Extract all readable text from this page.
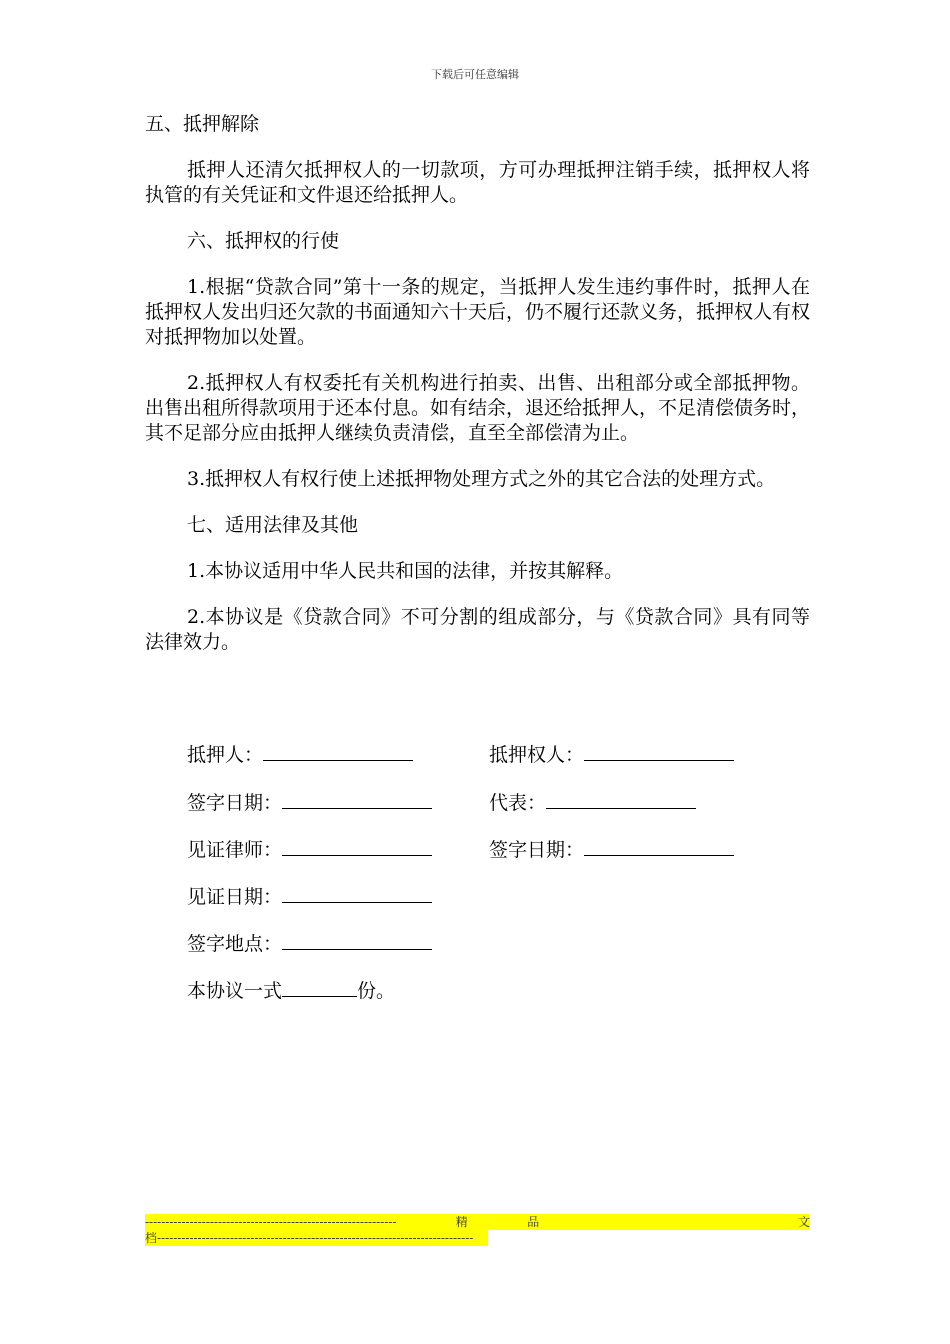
下载后可任意编辑
五、抵押解除
抵押人还清欠抵押权人的一切款项，方可办理抵押注销手续，抵押权人将执管的有关凭证和文件退还给抵押人。
六、抵押权的行使
1.根据“贷款合同”第十一条的规定，当抵押人发生违约事件时，抵押人在抵押权人发出归还欠款的书面通知六十天后，仍不履行还款义务，抵押权人有权对抵押物加以处置。
2.抵押权人有权委托有关机构进行拍卖、出售、出租部分或全部抵押物。出售出租所得款项用于还本付息。如有结余，退还给抵押人，不足清偿债务时，其不足部分应由抵押人继续负责清偿，直至全部偿清为止。
3.抵押权人有权行使上述抵押物处理方式之外的其它合法的处理方式。
七、适用法律及其他
1.本协议适用中华人民共和国的法律，并按其解释。
2.本协议是《贷款合同》不可分割的组成部分，与《贷款合同》具有同等法律效力。
抵押人：	抵押权人：
签字日期：	代表：
见证律师：	签字日期：
见证日期：
签字地点：
本协议一式	份。
--------------------------------------------------------------	精	品	文
档------------------------------------------------------------------------------
